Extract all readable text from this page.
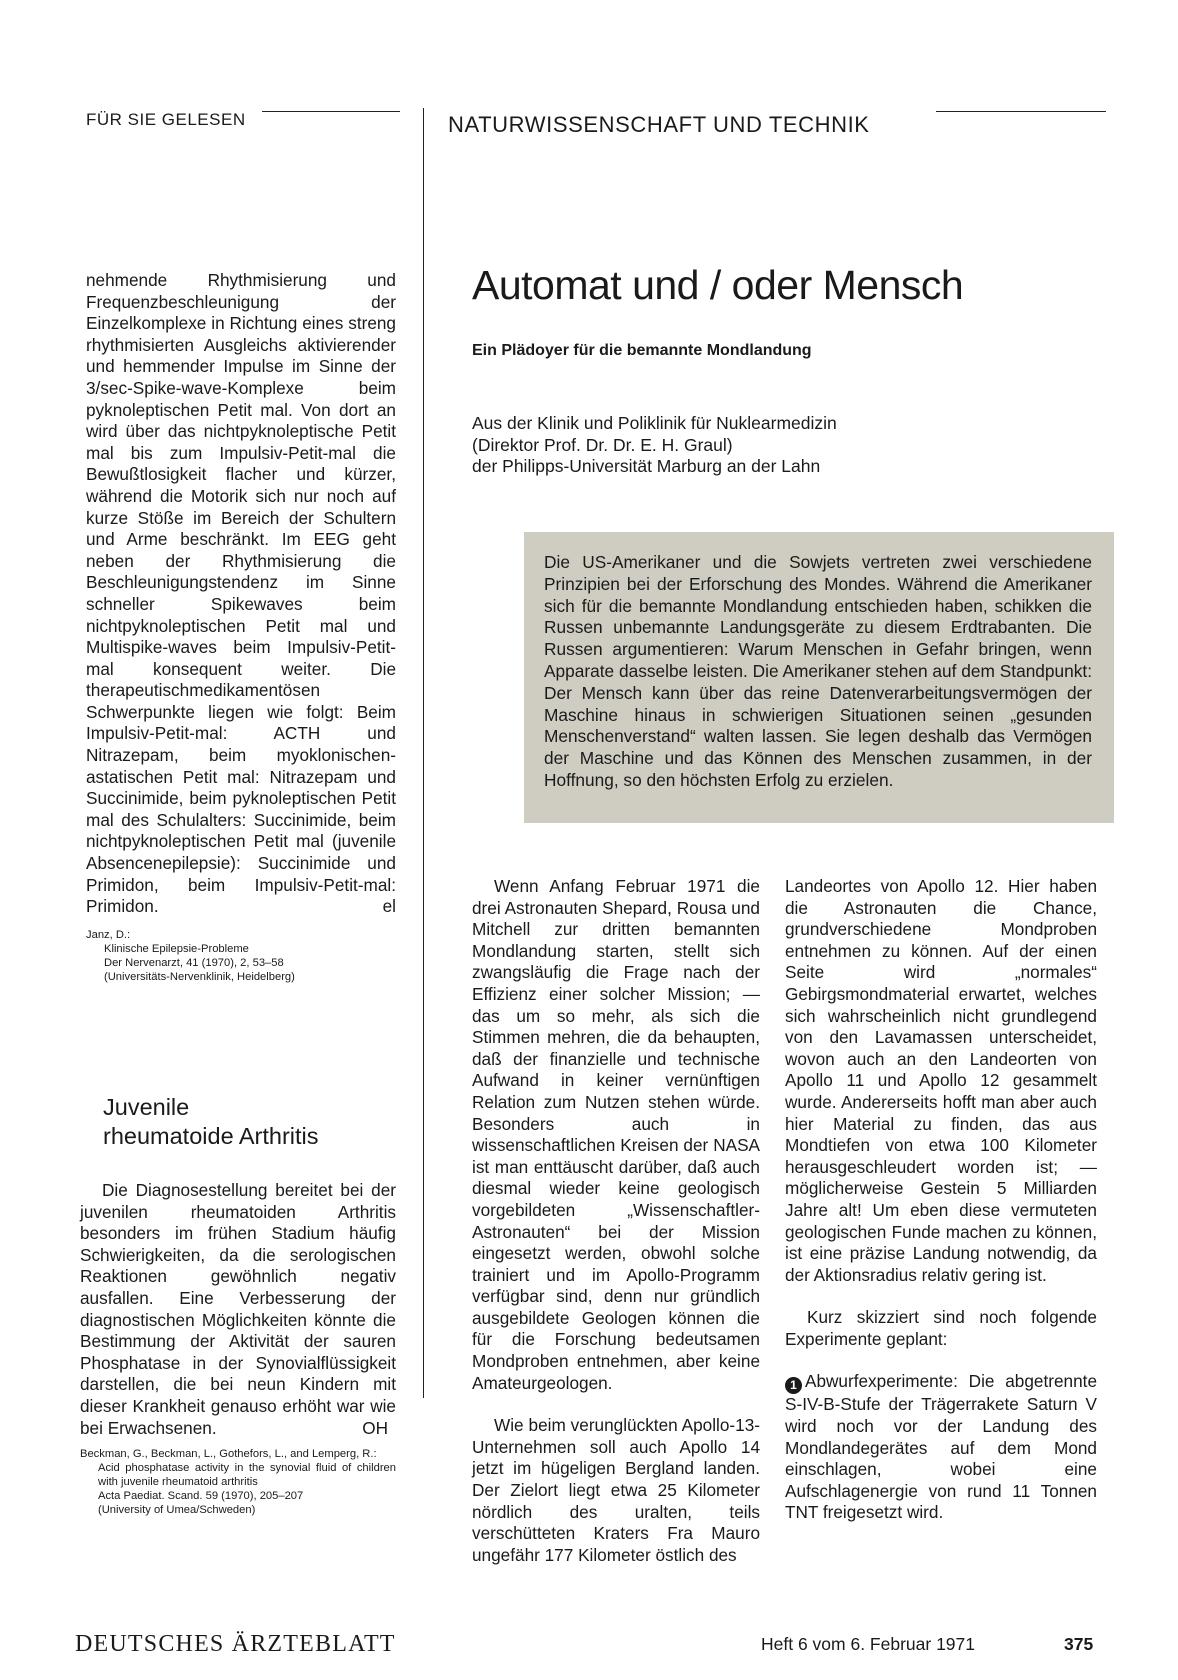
FÜR SIE GELESEN	NATURWISSENSCHAFT UND TECHNIK

nehmende Rhythmisierung und Frequenzbeschleunigung der Einzelkomplexe in Richtung eines streng rhythmisierten Ausgleichs aktivierender und hemmender Impulse im Sinne der 3/sec-Spike-wave-Komplexe beim pyknoleptischen Petit mal. Von dort an wird über das nichtpyknoleptische Petit mal bis zum Impulsiv-Petit-mal die Bewußtlosigkeit flacher und kürzer, während die Motorik sich nur noch auf kurze Stöße im Bereich der Schultern und Arme beschränkt. Im EEG geht neben der Rhythmisierung die Beschleunigungstendenz im Sinne schneller Spikewaves beim nichtpyknoleptischen Petit mal und Multispike-waves beim Impulsiv-Petit-mal konsequent weiter. Die therapeutischmedikamentösen Schwerpunkte liegen wie folgt: Beim Impulsiv-Petit-mal: ACTH und Nitrazepam, beim myoklonischen-astatischen Petit mal: Nitrazepam und Succinimide, beim pyknoleptischen Petit mal des Schulalters: Succinimide, beim nichtpyknoleptischen Petit mal (juvenile Absencenepilepsie): Succinimide und Primidon, beim Impulsiv-Petit-mal: Primidon.	el

Janz, D.:
Klinische Epilepsie-Probleme
Der Nervenarzt, 41 (1970), 2, 53–58
(Universitäts-Nervenklinik, Heidelberg)
Juvenile
rheumatoide Arthritis

Die Diagnosestellung bereitet bei der juvenilen rheumatoiden Arthritis besonders im frühen Stadium häufig Schwierigkeiten, da die serologischen Reaktionen gewöhnlich negativ ausfallen. Eine Verbesserung der diagnostischen Möglichkeiten könnte die Bestimmung der Aktivität der sauren Phosphatase in der Synovialflüssigkeit darstellen, die bei neun Kindern mit dieser Krankheit genauso erhöht war wie bei Erwachsenen.	OH

Beckman, G., Beckman, L., Gothefors, L., and Lemperg, R.:
Acid phosphatase activity in the synovial fluid of children with juvenile rheumatoid arthritis
Acta Paediat. Scand. 59 (1970), 205–207
(University of Umea/Schweden)
Automat und / oder Mensch
Ein Plädoyer für die bemannte Mondlandung
Aus der Klinik und Poliklinik für Nuklearmedizin
(Direktor Prof. Dr. Dr. E. H. Graul)
der Philipps-Universität Marburg an der Lahn
Die US-Amerikaner und die Sowjets vertreten zwei verschiedene Prinzipien bei der Erforschung des Mondes. Während die Amerikaner sich für die bemannte Mondlandung entschieden haben, schikken die Russen unbemannte Landungsgeräte zu diesem Erdtrabanten. Die Russen argumentieren: Warum Menschen in Gefahr bringen, wenn Apparate dasselbe leisten. Die Amerikaner stehen auf dem Standpunkt: Der Mensch kann über das reine Datenverarbeitungsvermögen der Maschine hinaus in schwierigen Situationen seinen „gesunden Menschenverstand“ walten lassen. Sie legen deshalb das Vermögen der Maschine und das Können des Menschen zusammen, in der Hoffnung, so den höchsten Erfolg zu erzielen.

Wenn Anfang Februar 1971 die drei Astronauten Shepard, Rousa und Mitchell zur dritten bemannten Mondlandung starten, stellt sich zwangsläufig die Frage nach der Effizienz einer solcher Mission; — das um so mehr, als sich die Stimmen mehren, die da behaupten, daß der finanzielle und technische Aufwand in keiner vernünftigen Relation zum Nutzen stehen würde. Besonders auch in wissenschaftlichen Kreisen der NASA ist man enttäuscht darüber, daß auch diesmal wieder keine geologisch vorgebildeten „Wissenschaftler-Astronauten“ bei der Mission eingesetzt werden, obwohl solche trainiert und im Apollo-Programm verfügbar sind, denn nur gründlich ausgebildete Geologen können die für die Forschung bedeutsamen Mondproben entnehmen, aber keine Amateurgeologen.

Wie beim verunglückten Apollo-13-Unternehmen soll auch Apollo 14 jetzt im hügeligen Bergland landen. Der Zielort liegt etwa 25 Kilometer nördlich des uralten, teils verschütteten Kraters Fra Mauro ungefähr 177 Kilometer östlich des

Landeortes von Apollo 12. Hier haben die Astronauten die Chance, grundverschiedene Mondproben entnehmen zu können. Auf der einen Seite wird „normales“ Gebirgsmondmaterial erwartet, welches sich wahrscheinlich nicht grundlegend von den Lavamassen unterscheidet, wovon auch an den Landeorten von Apollo 11 und Apollo 12 gesammelt wurde. Andererseits hofft man aber auch hier Material zu finden, das aus Mondtiefen von etwa 100 Kilometer herausgeschleudert worden ist; — möglicherweise Gestein 5 Milliarden Jahre alt! Um eben diese vermuteten geologischen Funde machen zu können, ist eine präzise Landung notwendig, da der Aktionsradius relativ gering ist.

Kurz skizziert sind noch folgende Experimente geplant:

1 Abwurfexperimente: Die abgetrennte S-IV-B-Stufe der Trägerrakete Saturn V wird noch vor der Landung des Mondlandegerätes auf dem Mond einschlagen, wobei eine Aufschlagenergie von rund 11 Tonnen TNT freigesetzt wird.

DEUTSCHES ÄRZTEBLATT	Heft 6 vom 6. Februar 1971	375
